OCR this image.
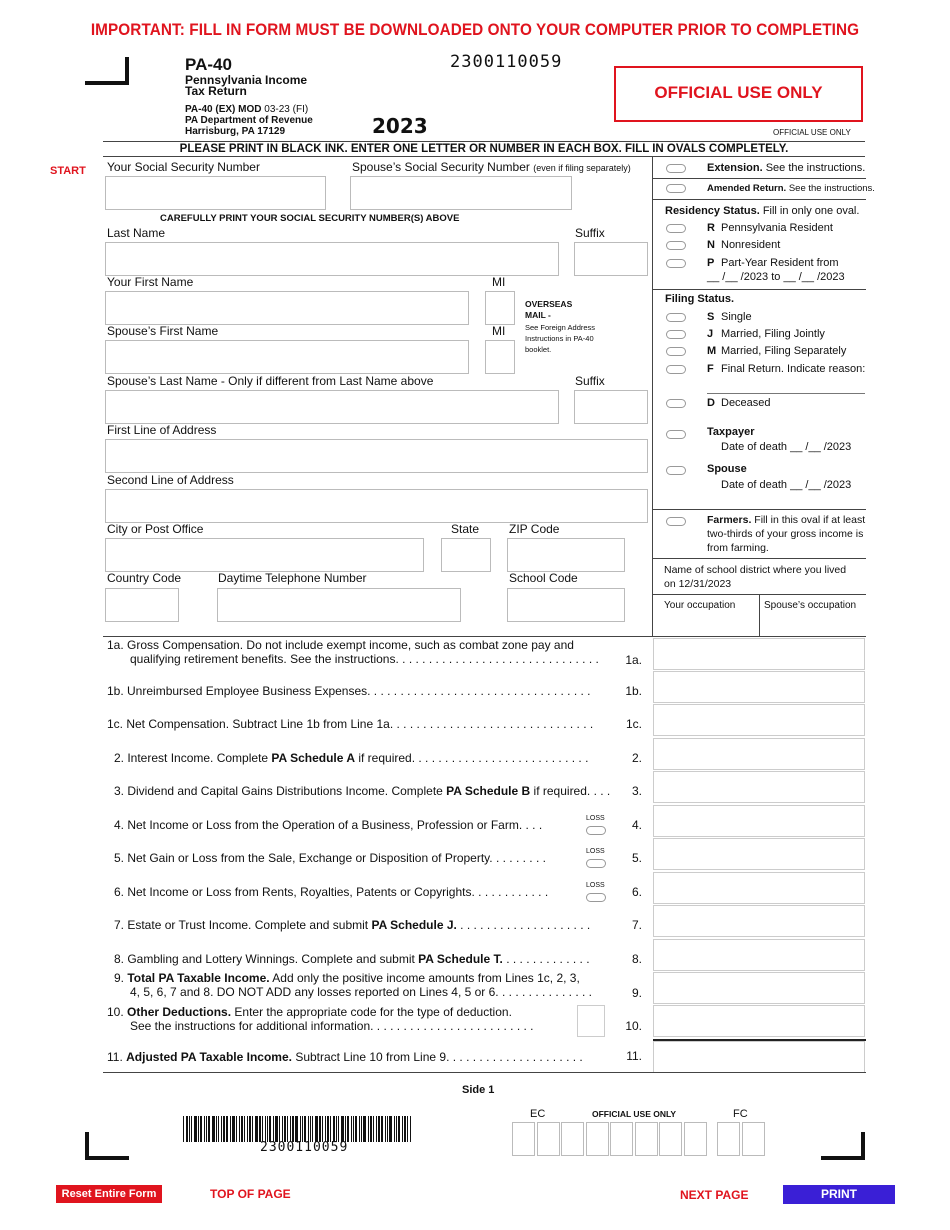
IMPORTANT: FILL IN FORM MUST BE DOWNLOADED ONTO YOUR COMPUTER PRIOR TO COMPLETING
PA-40
Pennsylvania Income
Tax Return
PA-40 (EX) MOD 03-23 (FI)
PA Department of Revenue
Harrisburg, PA 17129
2300110059
2023
OFFICIAL USE ONLY
OFFICIAL USE ONLY
PLEASE PRINT IN BLACK INK. ENTER ONE LETTER OR NUMBER IN EACH BOX. FILL IN OVALS COMPLETELY.
START Your Social Security Number	Spouse’s Social Security Number (even if filing separately)
CAREFULLY PRINT YOUR SOCIAL SECURITY NUMBER(S) ABOVE
Last Name	Suffix
Your First Name	MI
OVERSEAS MAIL -
See Foreign Address Instructions in PA-40 booklet.
Spouse’s First Name	MI
Spouse’s Last Name - Only if different from Last Name above	Suffix
First Line of Address
Second Line of Address
City or Post Office	State ZIP Code
Country Code	Daytime Telephone Number	School Code
Extension. See the instructions.
Amended Return. See the instructions.
Residency Status. Fill in only one oval.
R Pennsylvania Resident
N Nonresident
P Part-Year Resident from
__ /__ /2023 to __ /__ /2023
Filing Status.
S Single
J Married, Filing Jointly
M Married, Filing Separately
F Final Return. Indicate reason:
D Deceased
Taxpayer
Date of death __ /__ /2023
Spouse
Date of death __ /__ /2023
Farmers. Fill in this oval if at least
two-thirds of your gross income is
from farming.
Name of school district where you lived
on 12/31/2023
Your occupation	Spouse’s occupation
1a. Gross Compensation. Do not include exempt income, such as combat zone pay and
qualifying retirement benefits. See the instructions. . . . . . . . . . . . . . . . . . . . . . . . . . . . . . .	1a.
1b. Unreimbursed Employee Business Expenses. . . . . . . . . . . . . . . . . . . . . . . . . . . . . . . . . .	1b.
1c. Net Compensation. Subtract Line 1b from Line 1a. . . . . . . . . . . . . . . . . . . . . . . . . . . . . . .	1c.
2. Interest Income. Complete PA Schedule A if required. . . . . . . . . . . . . . . . . . . . . . . . . . .	2.
3. Dividend and Capital Gains Distributions Income. Complete PA Schedule B if required. . . .	3.
4. Net Income or Loss from the Operation of a Business, Profession or Farm. . . .	LOSS	4.
5. Net Gain or Loss from the Sale, Exchange or Disposition of Property. . . . . . . . .	LOSS	5.
6. Net Income or Loss from Rents, Royalties, Patents or Copyrights. . . . . . . . . . . .	LOSS	6.
7. Estate or Trust Income. Complete and submit PA Schedule J. . . . . . . . . . . . . . . . . . . . .	7.
8. Gambling and Lottery Winnings. Complete and submit PA Schedule T. . . . . . . . . . . . . .	8.
9. Total PA Taxable Income. Add only the positive income amounts from Lines 1c, 2, 3,
4, 5, 6, 7 and 8. DO NOT ADD any losses reported on Lines 4, 5 or 6. . . . . . . . . . . . . . .	9.
10. Other Deductions. Enter the appropriate code for the type of deduction.
See the instructions for additional information. . . . . . . . . . . . . . . . . . . . . . . . .	10.
11. Adjusted PA Taxable Income. Subtract Line 10 from Line 9. . . . . . . . . . . . . . . . . . . . .	11.
Side 1
2300110059
EC	OFFICIAL USE ONLY	FC
Reset Entire Form	TOP OF PAGE	NEXT PAGE	PRINT
